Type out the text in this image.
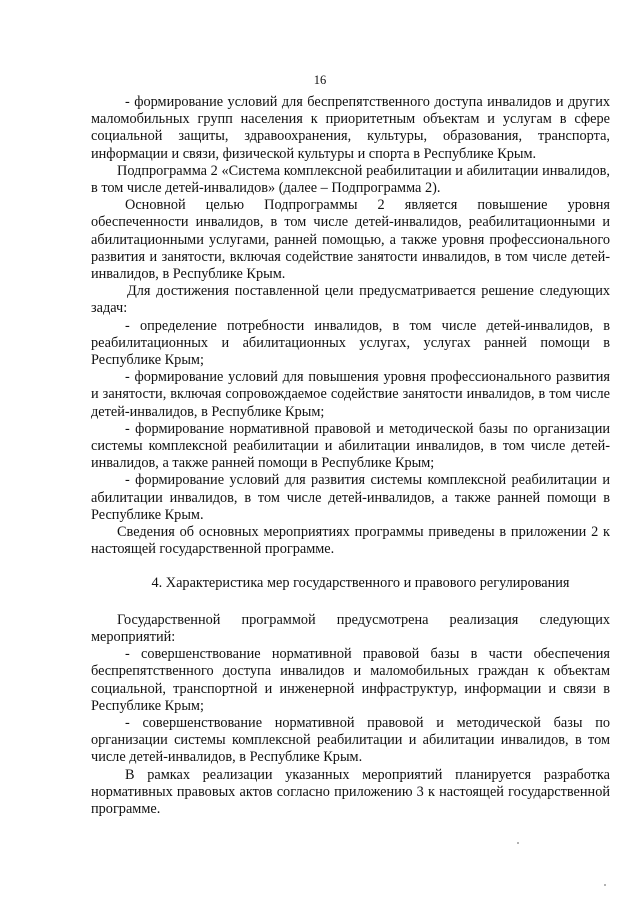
16

- формирование условий для беспрепятственного доступа инвалидов и других маломобильных групп населения к приоритетным объектам и услугам в сфере социальной защиты, здравоохранения, культуры, образования, транспорта, информации и связи, физической культуры и спорта в Республике Крым.

Подпрограмма 2 «Система комплексной реабилитации и абилитации инвалидов, в том числе детей-инвалидов» (далее – Подпрограмма 2).

Основной целью Подпрограммы 2 является повышение уровня обеспеченности инвалидов, в том числе детей-инвалидов, реабилитационными и абилитационными услугами, ранней помощью, а также уровня профессионального развития и занятости, включая содействие занятости инвалидов, в том числе детей-инвалидов, в Республике Крым.

Для достижения поставленной цели предусматривается решение следующих задач:

- определение потребности инвалидов, в том числе детей-инвалидов, в реабилитационных и абилитационных услугах, услугах ранней помощи в Республике Крым;

- формирование условий для повышения уровня профессионального развития и занятости, включая сопровождаемое содействие занятости инвалидов, в том числе детей-инвалидов, в Республике Крым;

- формирование нормативной правовой и методической базы по организации системы комплексной реабилитации и абилитации инвалидов, в том числе детей-инвалидов, а также ранней помощи в Республике Крым;

- формирование условий для развития системы комплексной реабилитации и абилитации инвалидов, в том числе детей-инвалидов, а также ранней помощи в Республике Крым.

Сведения об основных мероприятиях программы приведены в приложении 2 к настоящей государственной программе.

4. Характеристика мер государственного и правового регулирования

Государственной программой предусмотрена реализация следующих мероприятий:

- совершенствование нормативной правовой базы в части обеспечения беспрепятственного доступа инвалидов и маломобильных граждан к объектам социальной, транспортной и инженерной инфраструктур, информации и связи в Республике Крым;

- совершенствование нормативной правовой и методической базы по организации системы комплексной реабилитации и абилитации инвалидов, в том числе детей-инвалидов, в Республике Крым.

В рамках реализации указанных мероприятий планируется разработка нормативных правовых актов согласно приложению 3 к настоящей государственной программе.
